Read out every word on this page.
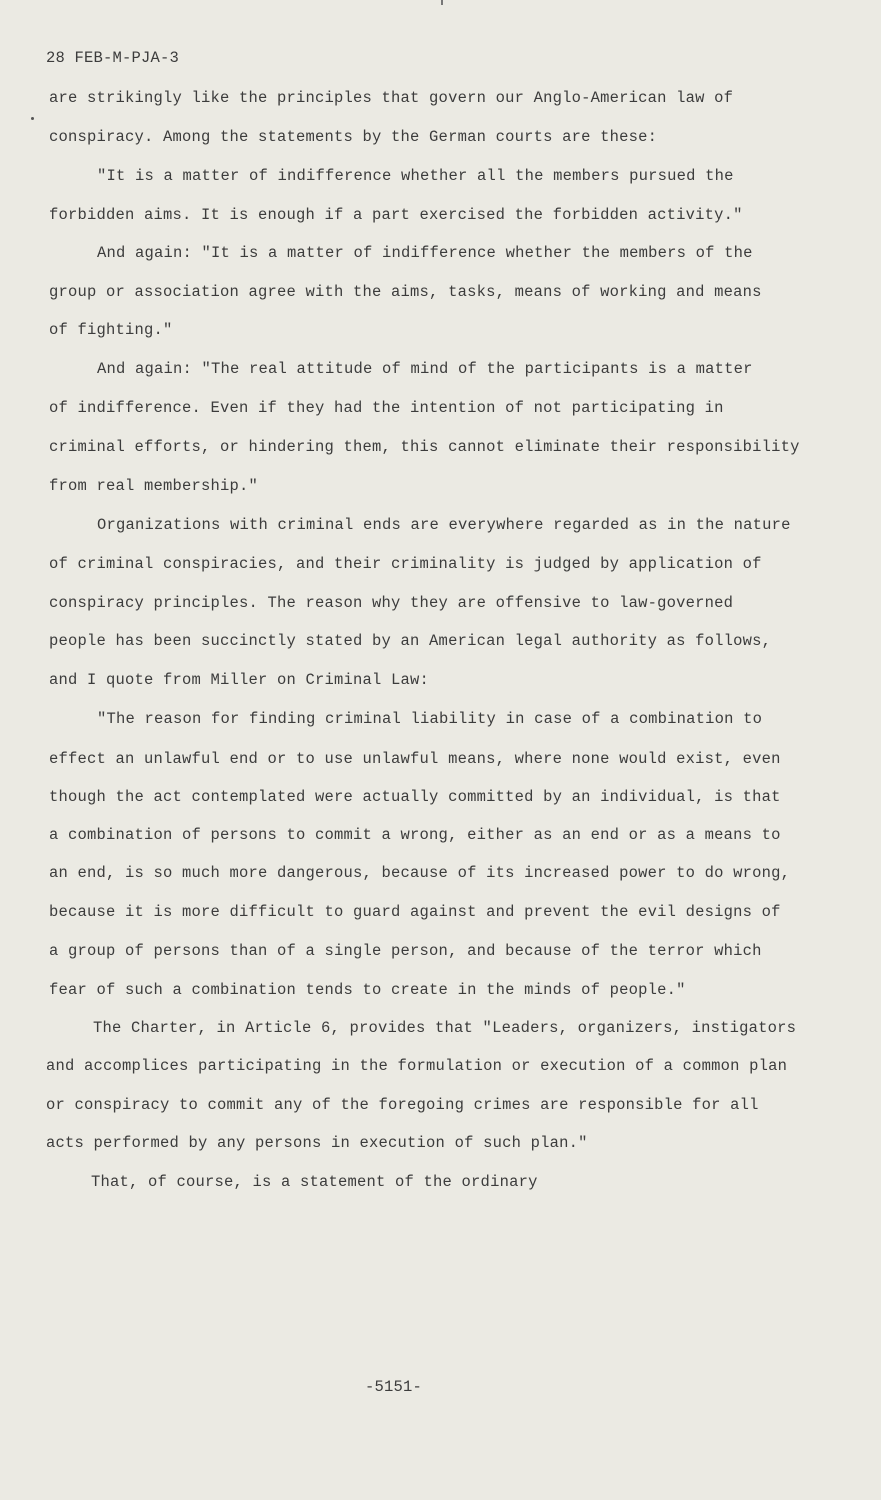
28 FEB-M-PJA-3
are strikingly like the principles that govern our Anglo-American law of
conspiracy. Among the statements by the German courts are these:
"It is a matter of indifference whether all the members pursued the
forbidden aims. It is enough if a part exercised the forbidden activity."
And again: "It is a matter of indifference whether the members of the
group or association agree with the aims, tasks, means of working and means
of fighting."
And again: "The real attitude of mind of the participants is a matter
of indifference. Even if they had the intention of not participating in
criminal efforts, or hindering them, this cannot eliminate their responsibility
from real membership."
Organizations with criminal ends are everywhere regarded as in the nature
of criminal conspiracies, and their criminality is judged by application of
conspiracy principles. The reason why they are offensive to law-governed
people has been succinctly stated by an American legal authority as follows,
and I quote from Miller on Criminal Law:
"The reason for finding criminal liability in case of a combination to
effect an unlawful end or to use unlawful means, where none would exist, even
though the act contemplated were actually committed by an individual, is that
a combination of persons to commit a wrong, either as an end or as a means to
an end, is so much more dangerous, because of its increased power to do wrong,
because it is more difficult to guard against and prevent the evil designs of
a group of persons than of a single person, and because of the terror which
fear of such a combination tends to create in the minds of people."
The Charter, in Article 6, provides that "Leaders, organizers, instigators
and accomplices participating in the formulation or execution of a common plan
or conspiracy to commit any of the foregoing crimes are responsible for all
acts performed by any persons in execution of such plan."
That, of course, is a statement of the ordinary
-5151-
